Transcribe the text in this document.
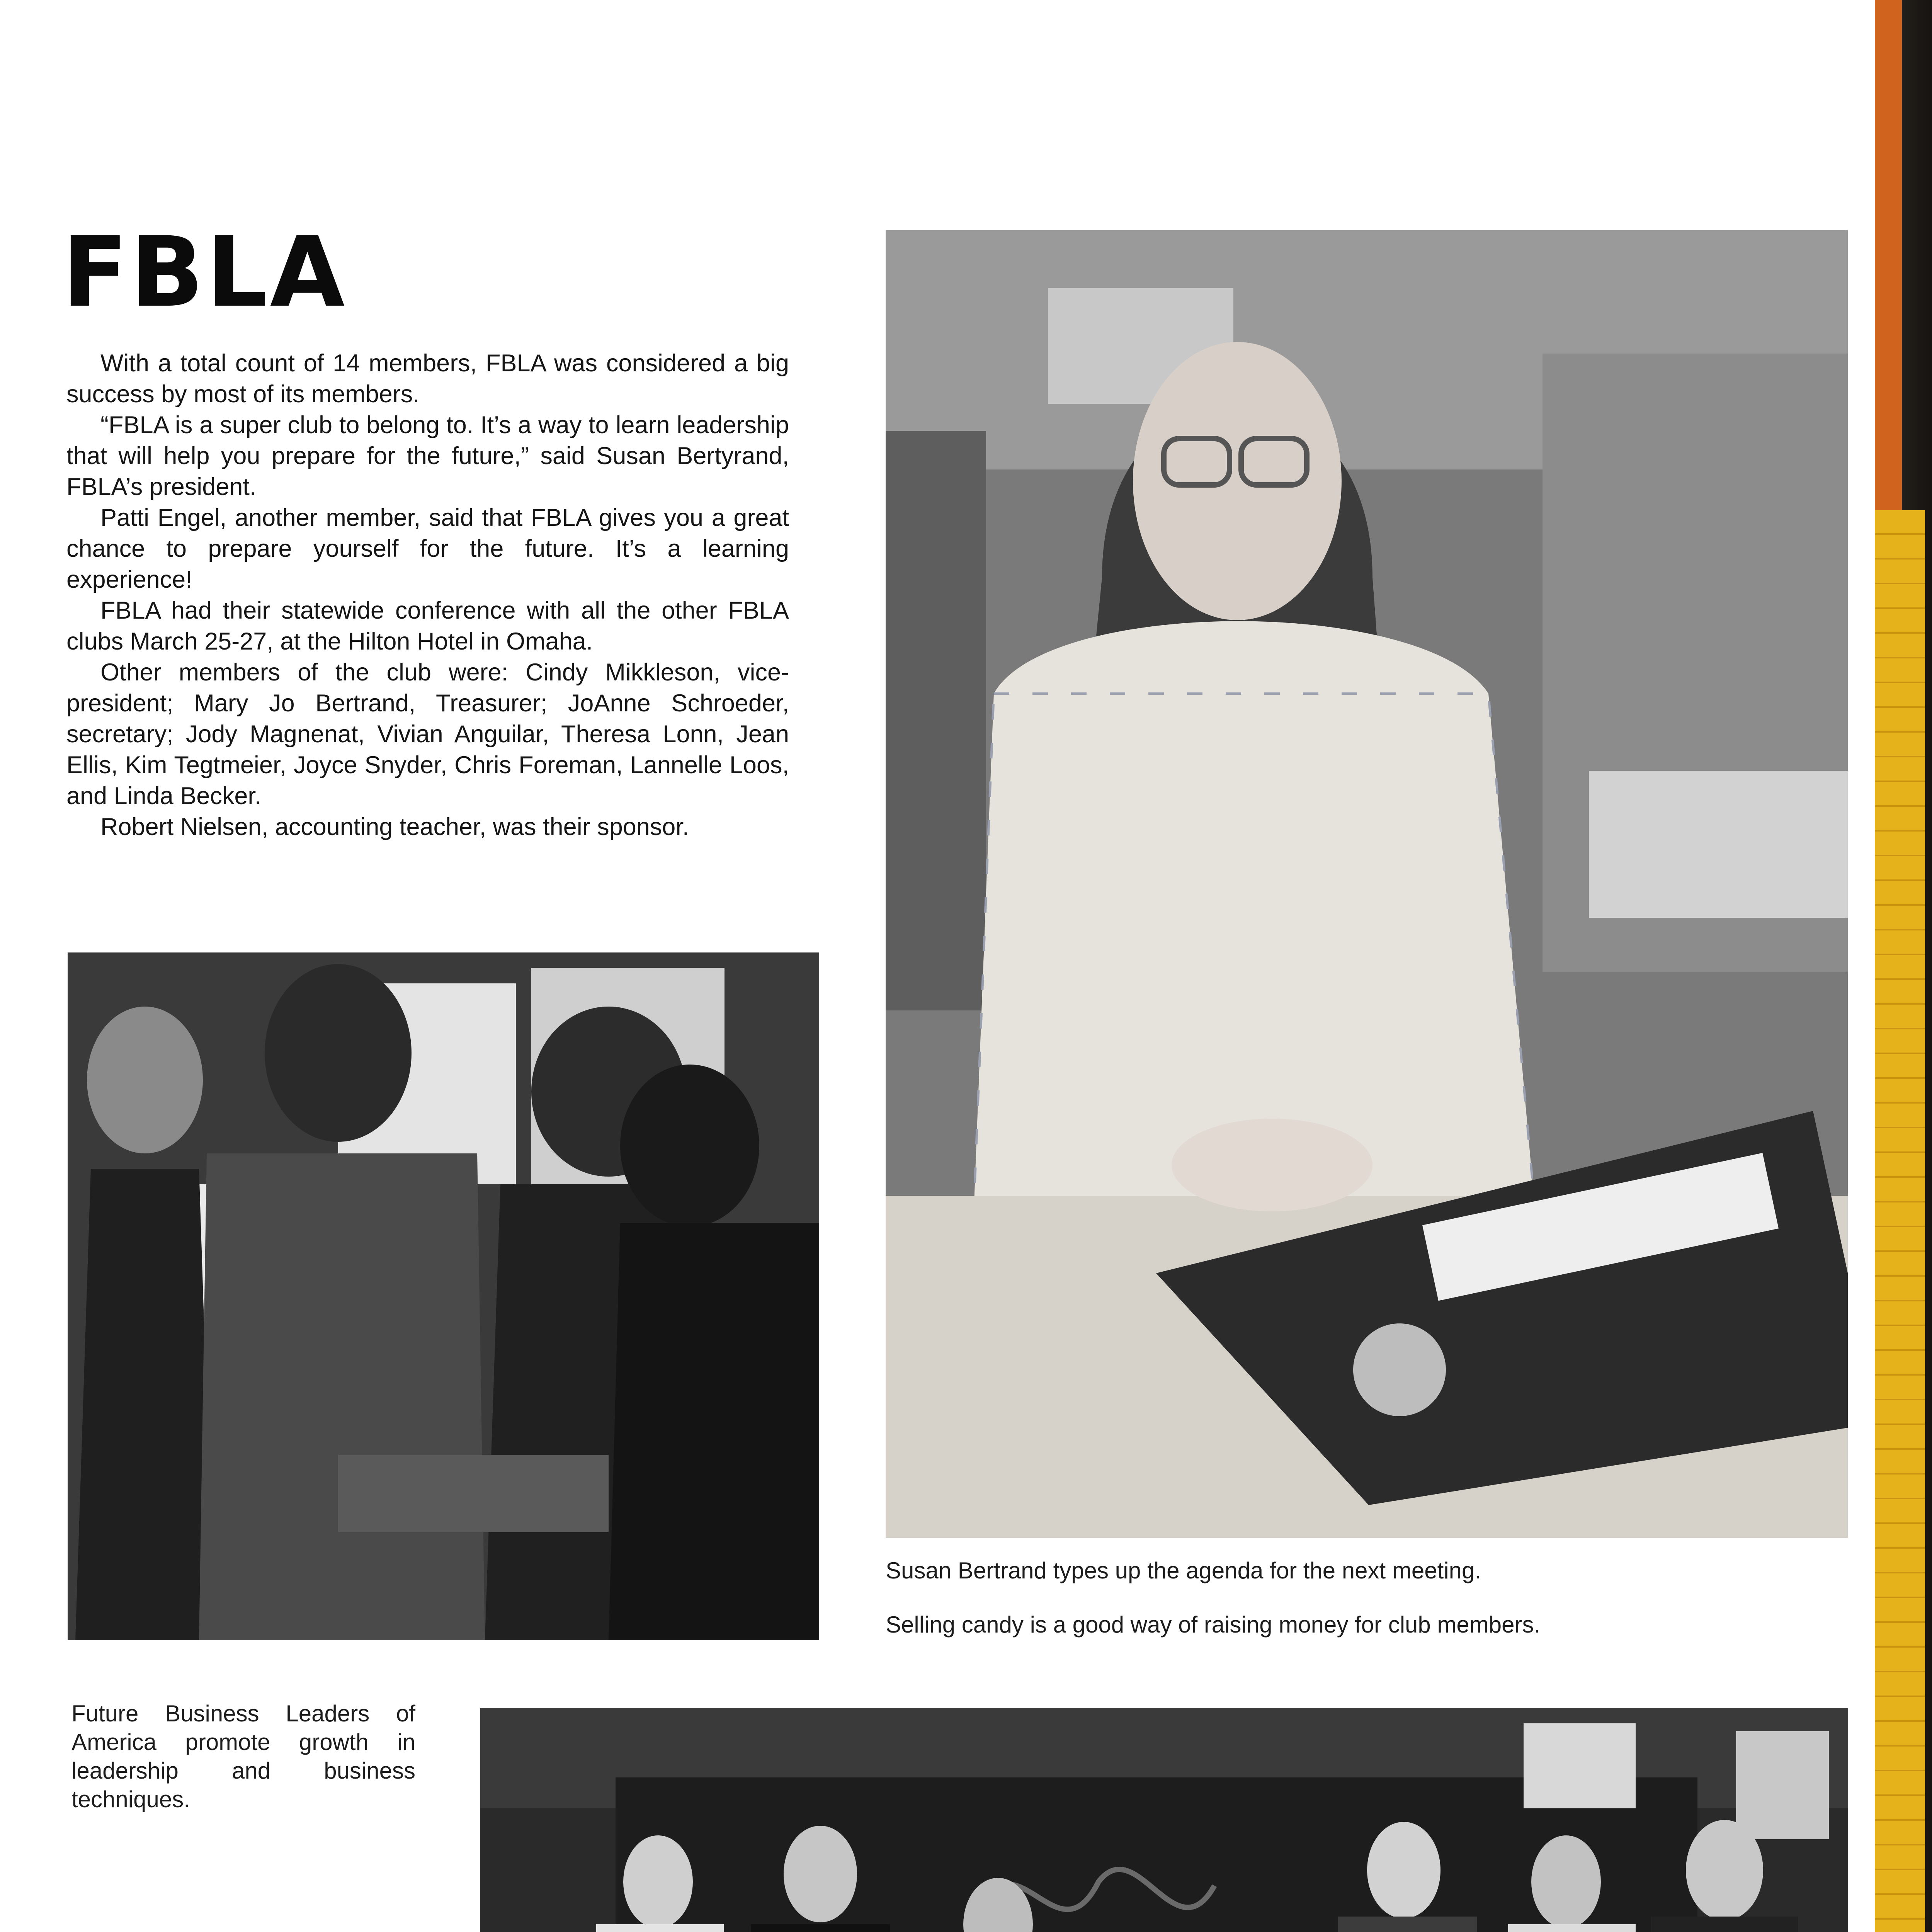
FBLA

With a total count of 14 members, FBLA was considered a big success by most of its members.

“FBLA is a super club to belong to. It’s a way to learn leadership that will help you prepare for the future,” said Susan Bertyrand, FBLA’s president.

Patti Engel, another member, said that FBLA gives you a great chance to prepare yourself for the future. It’s a learning experience!

FBLA had their statewide conference with all the other FBLA clubs March 25-27, at the Hilton Hotel in Omaha.

Other members of the club were: Cindy Mikkleson, vice-president; Mary Jo Bertrand, Treasurer; JoAnne Schroeder, secretary; Jody Magnenat, Vivian Anguilar, Theresa Lonn, Jean Ellis, Kim Tegtmeier, Joyce Snyder, Chris Foreman, Lannelle Loos, and Linda Becker.

Robert Nielsen, accounting teacher, was their sponsor.

Susan Bertrand types up the agenda for the next meeting.

Selling candy is a good way of raising money for club members.

Future Business Leaders of America promote growth in leadership and business techniques.
